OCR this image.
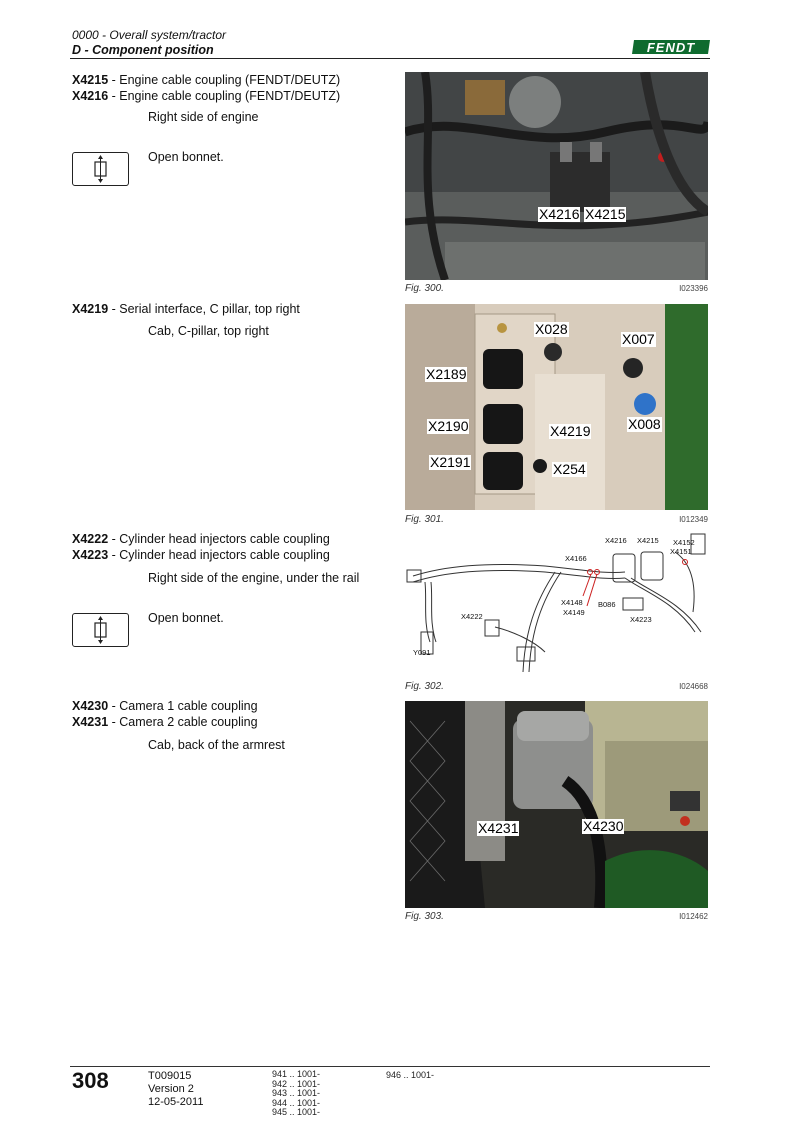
0000 - Overall system/tractor
D - Component position	FENDT
X4215 - Engine cable coupling (FENDT/DEUTZ)
X4216 - Engine cable coupling (FENDT/DEUTZ)
Right side of engine
Open bonnet.
X4216 X4215
Fig. 300.	I023396
X4219 - Serial interface, C pillar, top right
Cab, C-pillar, top right	X028
X007
X2189
X008
X2190	X4219
X2191	X254
Fig. 301.	I012349
X4222 - Cylinder head injectors cable coupling
X4223 - Cylinder head injectors cable coupling
Right side of the engine, under the rail
Open bonnet.
X4216 X4215 X4152
X4151
X4166
X4148
X4149
B086
X4222	X4223
Y091
Fig. 302.	I024668
X4230 - Camera 1 cable coupling
X4231 - Camera 2 cable coupling
Cab, back of the armrest
X4231	X4230
Fig. 303.	I012462
308	T009015
Version 2
12-05-2011
941 .. 1001-
942 .. 1001-
943 .. 1001-
944 .. 1001-
945 .. 1001-
946 .. 1001-
